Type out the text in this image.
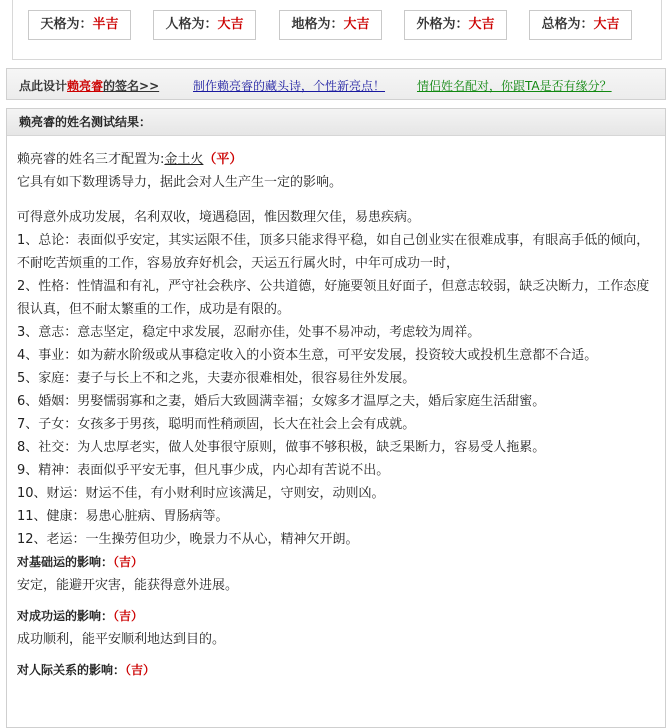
天格为：半吉	人格为：大吉	地格为：大吉	外格为：大吉	总格为：大吉
点此设计赖亮睿的签名>>	制作赖亮睿的藏头诗，个性新亮点！	情侣姓名配对，你跟TA是否有缘分？
赖亮睿的姓名测试结果：

赖亮睿的姓名三才配置为:金土火（平）

它具有如下数理诱导力，据此会对人生产生一定的影响。

可得意外成功发展，名利双收，境遇稳固，惟因数理欠佳，易患疾病。

1、总论：表面似乎安定，其实运限不佳，顶多只能求得平稳，如自己创业实在很难成事，有眼高手低的倾向，不耐吃苦烦重的工作，容易放弃好机会，天运五行属火时，中年可成功一时，

2、性格：性情温和有礼，严守社会秩序、公共道德，好施要领且好面子，但意志较弱，缺乏决断力，工作态度很认真，但不耐太繁重的工作，成功是有限的。

3、意志：意志坚定，稳定中求发展，忍耐亦佳，处事不易冲动，考虑较为周祥。

4、事业：如为薪水阶级或从事稳定收入的小资本生意，可平安发展，投资较大或投机生意都不合适。

5、家庭：妻子与长上不和之兆，夫妻亦很难相处，很容易往外发展。

6、婚姻：男娶懦弱寡和之妻，婚后大致圆满幸福；女嫁多才温厚之夫，婚后家庭生活甜蜜。

7、子女：女孩多于男孩，聪明而性稍顽固，长大在社会上会有成就。

8、社交：为人忠厚老实，做人处事很守原则，做事不够积极，缺乏果断力，容易受人拖累。

9、精神：表面似乎平安无事，但凡事少成，内心却有苦说不出。

10、财运：财运不佳，有小财利时应该满足，守则安，动则凶。

11、健康：易患心脏病、胃肠病等。

12、老运：一生操劳但功少，晚景力不从心，精神欠开朗。

对基础运的影响：（吉）

安定，能避开灾害，能获得意外进展。

对成功运的影响：（吉）

成功顺利，能平安顺利地达到目的。

对人际关系的影响：（吉）
